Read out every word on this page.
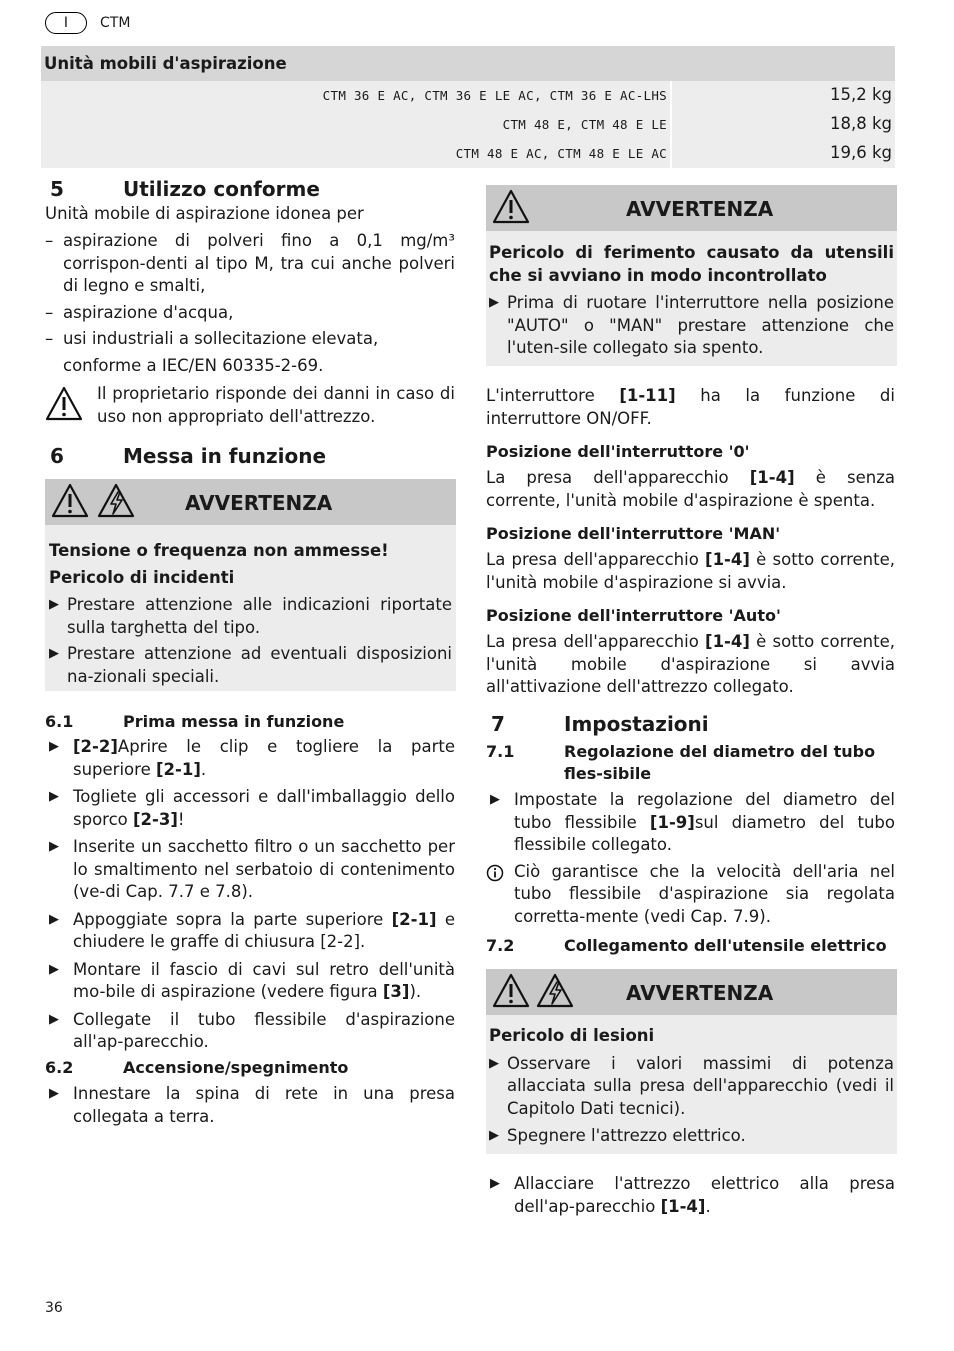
I	CTM
Unità mobili d'aspirazione
CTM 36 E AC, CTM 36 E LE AC, CTM 36 E AC-LHS	15,2 kg
CTM 48 E, CTM 48 E LE	18,8 kg
CTM 48 E AC, CTM 48 E LE AC	19,6 kg
5	Utilizzo conforme
Unità mobile di aspirazione idonea per
– aspirazione di polveri fino a 0,1 mg/m³ corrispon-denti al tipo M, tra cui anche polveri di legno e smalti,
– aspirazione d'acqua,
– usi industriali a sollecitazione elevata,
conforme a IEC/EN 60335-2-69.
Il proprietario risponde dei danni in caso di uso non appropriato dell'attrezzo.
6	Messa in funzione
AVVERTENZA
Tensione o frequenza non ammesse!
Pericolo di incidenti
▶ Prestare attenzione alle indicazioni riportate sulla targhetta del tipo.
▶ Prestare attenzione ad eventuali disposizioni na-zionali speciali.
6.1	Prima messa in funzione
▶ [2-2]Aprire le clip e togliere la parte superiore [2-1].
▶ Togliete gli accessori e dall'imballaggio dello sporco [2-3]!
▶ Inserite un sacchetto filtro o un sacchetto per lo smaltimento nel serbatoio di contenimento (ve-di Cap. 7.7 e 7.8).
▶ Appoggiate sopra la parte superiore [2-1] e chiudere le graffe di chiusura [2-2].
▶ Montare il fascio di cavi sul retro dell'unità mo-bile di aspirazione (vedere figura [3]).
▶ Collegate il tubo flessibile d'aspirazione all'ap-parecchio.
6.2	Accensione/spegnimento
▶ Innestare la spina di rete in una presa collegata a terra.
AVVERTENZA
Pericolo di ferimento causato da utensili che si avviano in modo incontrollato
▶ Prima di ruotare l'interruttore nella posizione "AUTO" o "MAN" prestare attenzione che l'uten-sile collegato sia spento.
L'interruttore [1-11] ha la funzione di interruttore ON/OFF.
Posizione dell'interruttore '0'
La presa dell'apparecchio [1-4] è senza corrente, l'unità mobile d'aspirazione è spenta.
Posizione dell'interruttore 'MAN'
La presa dell'apparecchio [1-4] è sotto corrente, l'unità mobile d'aspirazione si avvia.
Posizione dell'interruttore 'Auto'
La presa dell'apparecchio [1-4] è sotto corrente, l'unità mobile d'aspirazione si avvia all'attivazione dell'attrezzo collegato.
7	Impostazioni
7.1	Regolazione del diametro del tubo fles-sibile
▶ Impostate la regolazione del diametro del tubo flessibile [1-9]sul diametro del tubo flessibile collegato.
Ciò garantisce che la velocità dell'aria nel tubo flessibile d'aspirazione sia regolata corretta-mente (vedi Cap. 7.9).
7.2	Collegamento dell'utensile elettrico
AVVERTENZA
Pericolo di lesioni
▶ Osservare i valori massimi di potenza allacciata sulla presa dell'apparecchio (vedi il Capitolo Dati tecnici).
▶ Spegnere l'attrezzo elettrico.
▶ Allacciare l'attrezzo elettrico alla presa dell'ap-parecchio [1-4].
36
